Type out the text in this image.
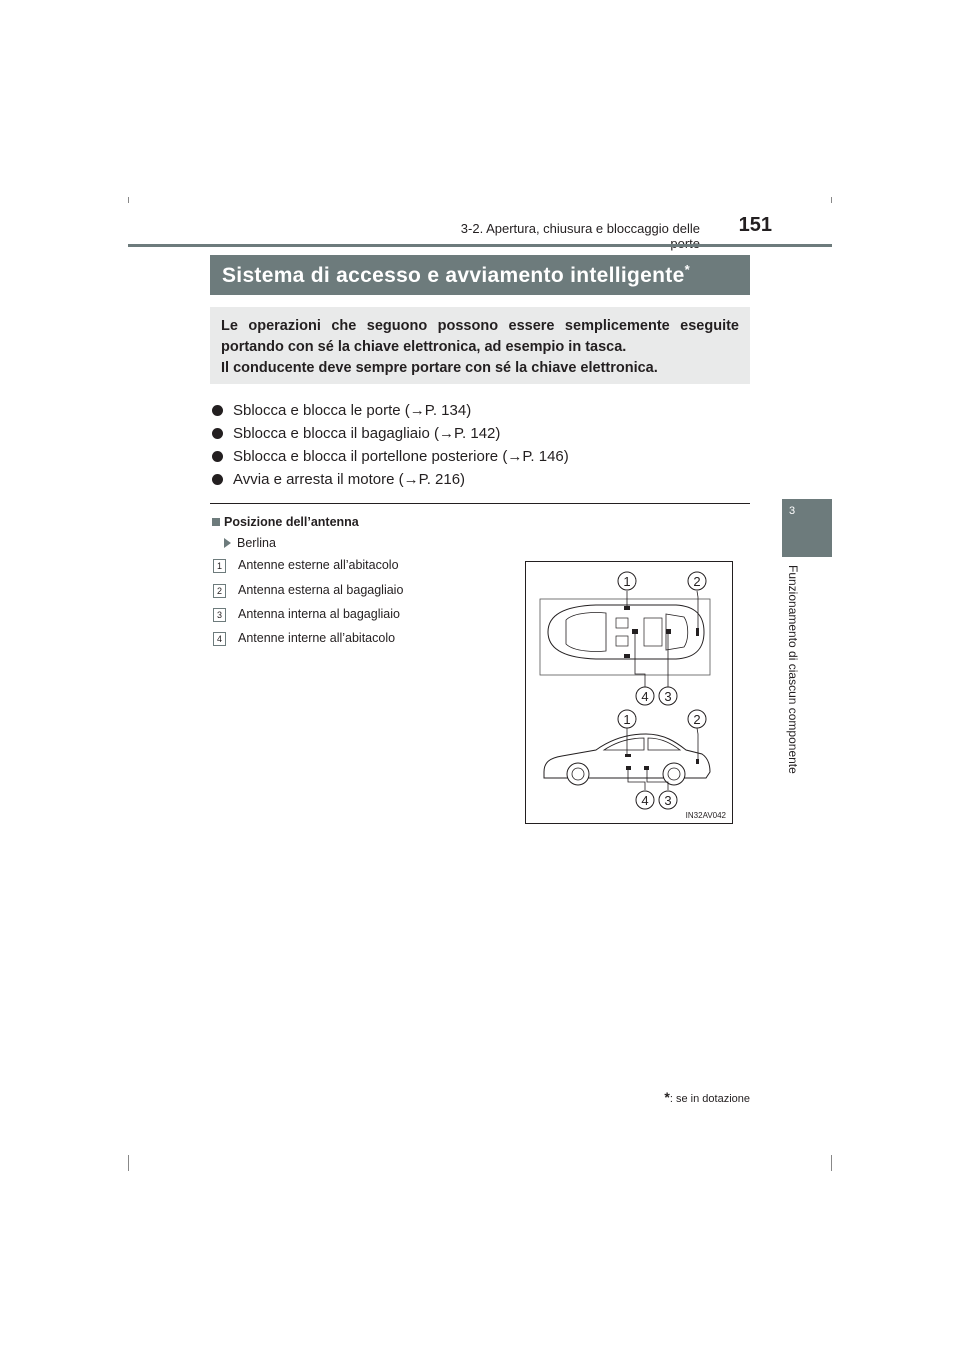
3-2. Apertura, chiusura e bloccaggio delle	151
3
Funzionamento di ciascun componente
Sistema di accesso e avviamento intelligente*
Le operazioni che seguono possono essere semplicemente eseguite
portando con sé la chiave elettronica, ad esempio in tasca.
Il conducente deve sempre portare con sé la chiave elettronica.
Sblocca e blocca le porte (→P. 134)
Sblocca e blocca il bagagliaio (→P. 142)
Sblocca e blocca il portellone posteriore (→P. 146)
Avvia e arresta il motore (→P. 216)
Posizione dell’antenna
Berlina
1 Antenne esterne all’abitacolo
2 Antenna esterna al bagagliaio
3 Antenna interna al bagagliaio
4 Antenne interne all’abitacolo
1	2
4 3
1	2
4 3
IN32AV042
*: se in dotazione
